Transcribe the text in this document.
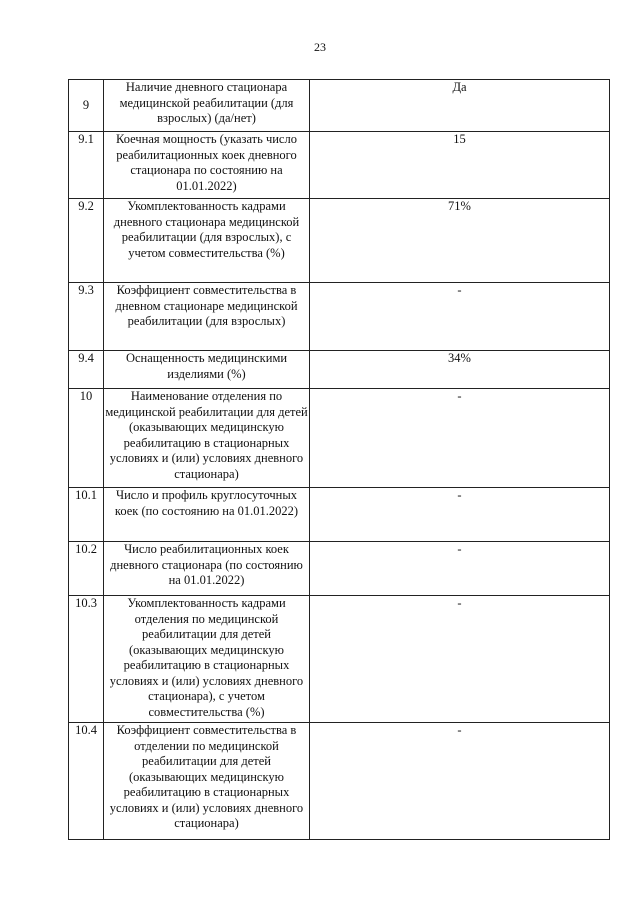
23
9	Наличие дневного стационара медицинской реабилитации (для взрослых) (да/нет)	Да
9.1	Коечная мощность (указать число реабилитационных коек дневного стационара по состоянию на 01.01.2022)	15
9.2	Укомплектованность кадрами дневного стационара медицинской реабилитации (для взрослых), с учетом совместительства (%)	71%
9.3	Коэффициент совместительства в дневном стационаре медицинской реабилитации (для взрослых)	-
9.4	Оснащенность медицинскими изделиями (%)	34%
10	Наименование отделения по медицинской реабилитации для детей (оказывающих медицинскую реабилитацию в стационарных условиях и (или) условиях дневного стационара)	-
10.1	Число и профиль круглосуточных коек (по состоянию на 01.01.2022)	-
10.2	Число реабилитационных коек дневного стационара (по состоянию на 01.01.2022)	-
10.3	Укомплектованность кадрами отделения по медицинской реабилитации для детей (оказывающих медицинскую реабилитацию в стационарных условиях и (или) условиях дневного стационара), с учетом совместительства (%)	-
10.4	Коэффициент совместительства в отделении по медицинской реабилитации для детей (оказывающих медицинскую реабилитацию в стационарных условиях и (или) условиях дневного стационара)	-
